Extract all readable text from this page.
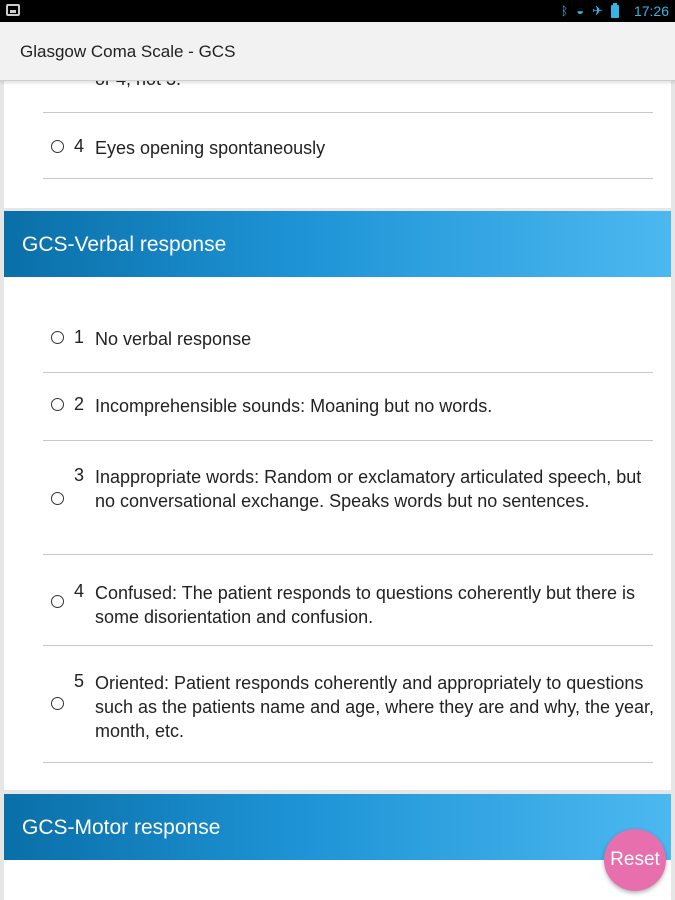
ᛒ ◒ ✈ 17:26
Glasgow Coma Scale - GCS
4 Eyes opening spontaneously
GCS-Verbal response
1 No verbal response
2 Incomprehensible sounds: Moaning but no words.
3 Inappropriate words: Random or exclamatory articulated speech, but no conversational exchange. Speaks words but no sentences.
4 Confused: The patient responds to questions coherently but there is some disorientation and confusion.
5 Oriented: Patient responds coherently and appropriately to questions such as the patients name and age, where they are and why, the year, month, etc.
GCS-Motor response
Reset
